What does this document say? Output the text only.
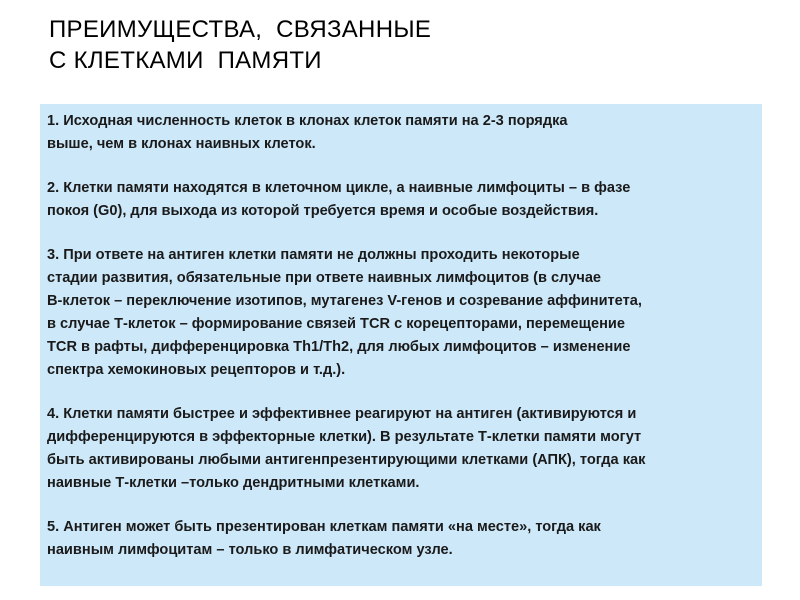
ПРЕИМУЩЕСТВА,  СВЯЗАННЫЕ
С КЛЕТКАМИ  ПАМЯТИ

1. Исходная численность клеток в клонах клеток памяти на 2-3 порядка
выше, чем в клонах наивных клеток.

2. Клетки памяти находятся в клеточном цикле, а наивные лимфоциты – в фазе
покоя (G0), для выхода из которой требуется время и особые воздействия.

3. При ответе на антиген клетки памяти не должны проходить некоторые
стадии развития, обязательные при ответе наивных лимфоцитов (в случае
В-клеток – переключение изотипов, мутагенез V-генов и созревание аффинитета,
в случае Т-клеток – формирование связей TCR с корецепторами, перемещение
TCR в рафты, дифференцировка Th1/Th2, для любых лимфоцитов – изменение
спектра хемокиновых рецепторов и т.д.).

4. Клетки памяти быстрее и эффективнее реагируют на антиген (активируются и
дифференцируются в эффекторные клетки). В результате Т-клетки памяти могут
быть активированы любыми антигенпрезентирующими клетками (АПК), тогда как
наивные Т-клетки –только дендритными клетками.

5. Антиген может быть презентирован клеткам памяти «на месте», тогда как
наивным лимфоцитам – только в лимфатическом узле.
